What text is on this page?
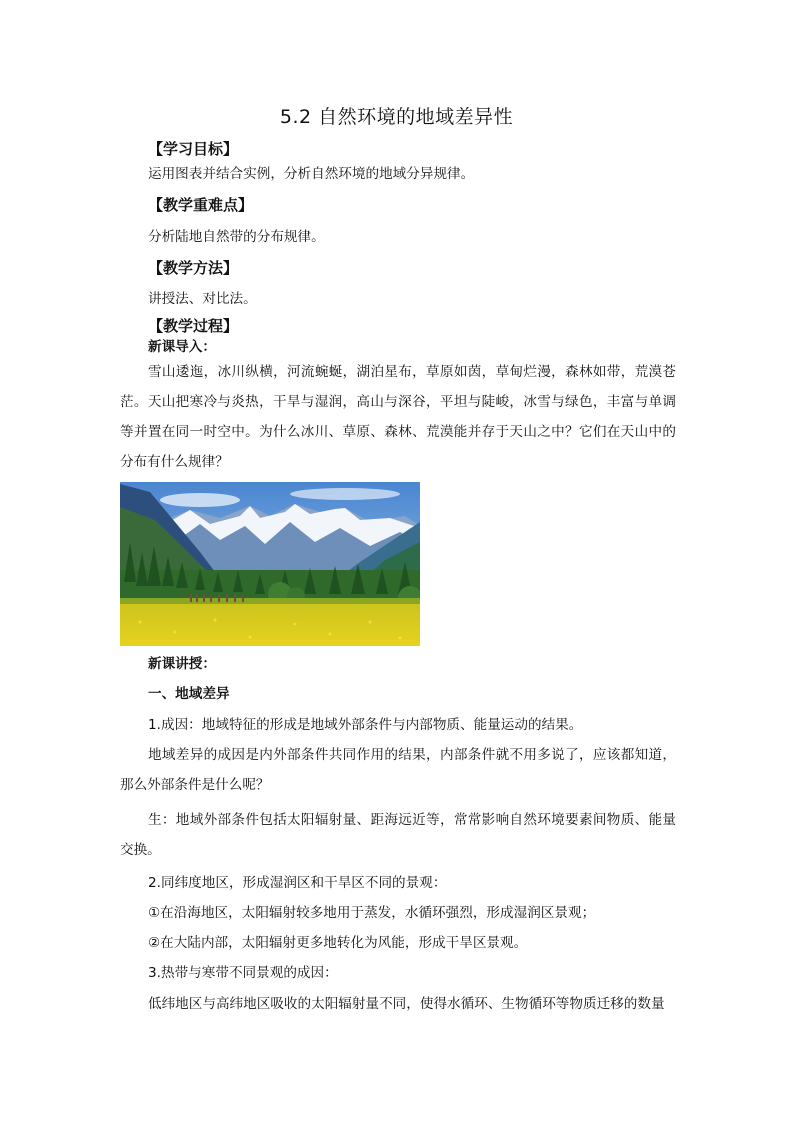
5.2 自然环境的地域差异性
【学习目标】
运用图表并结合实例，分析自然环境的地域分异规律。
【教学重难点】
分析陆地自然带的分布规律。
【教学方法】
讲授法、对比法。
【教学过程】
新课导入：
雪山逶迤，冰川纵横，河流蜿蜒，湖泊星布，草原如茵，草甸烂漫，森林如带，荒漠苍茫。天山把寒冷与炎热，干旱与湿润，高山与深谷，平坦与陡峻，冰雪与绿色，丰富与单调等并置在同一时空中。为什么冰川、草原、森林、荒漠能并存于天山之中？它们在天山中的分布有什么规律？
新课讲授：
一、地域差异
1.成因：地域特征的形成是地域外部条件与内部物质、能量运动的结果。
地域差异的成因是内外部条件共同作用的结果，内部条件就不用多说了，应该都知道，那么外部条件是什么呢？
生：地域外部条件包括太阳辐射量、距海远近等，常常影响自然环境要素间物质、能量交换。
2.同纬度地区，形成湿润区和干旱区不同的景观：
①在沿海地区，太阳辐射较多地用于蒸发，水循环强烈，形成湿润区景观；
②在大陆内部，太阳辐射更多地转化为风能，形成干旱区景观。
3.热带与寒带不同景观的成因：
低纬地区与高纬地区吸收的太阳辐射量不同，使得水循环、生物循环等物质迁移的数量
